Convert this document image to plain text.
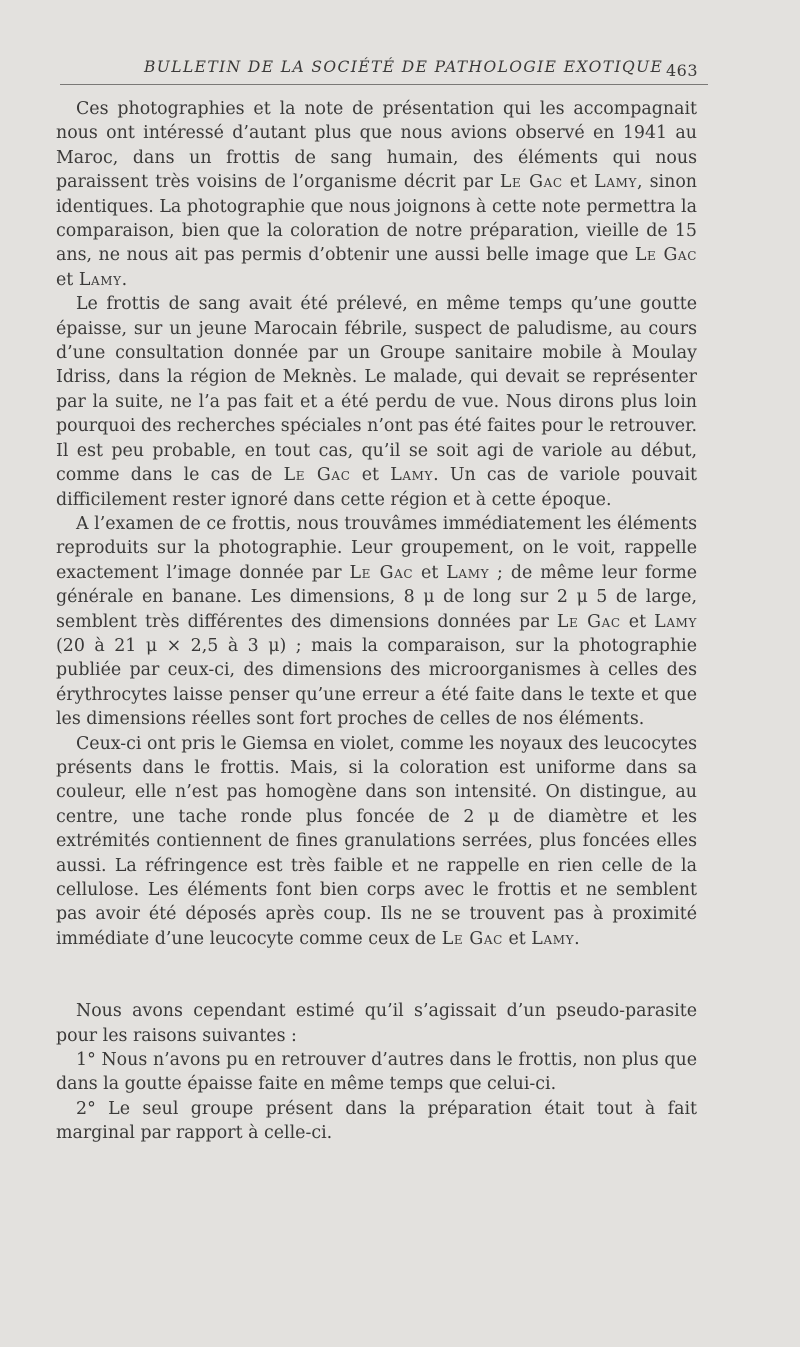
BULLETIN DE LA SOCIÉTÉ DE PATHOLOGIE EXOTIQUE 463

Ces photographies et la note de présentation qui les accompagnait nous ont intéressé d’autant plus que nous avions observé en 1941 au Maroc, dans un frottis de sang humain, des éléments qui nous paraissent très voisins de l’organisme décrit par Le Gac et Lamy, sinon identiques. La photographie que nous joignons à cette note permettra la comparaison, bien que la coloration de notre préparation, vieille de 15 ans, ne nous ait pas permis d’obtenir une aussi belle image que Le Gac et Lamy.

Le frottis de sang avait été prélevé, en même temps qu’une goutte épaisse, sur un jeune Marocain fébrile, suspect de paludisme, au cours d’une consultation donnée par un Groupe sanitaire mobile à Moulay Idriss, dans la région de Meknès. Le malade, qui devait se représenter par la suite, ne l’a pas fait et a été perdu de vue. Nous dirons plus loin pourquoi des recherches spéciales n’ont pas été faites pour le retrouver. Il est peu probable, en tout cas, qu’il se soit agi de variole au début, comme dans le cas de Le Gac et Lamy. Un cas de variole pouvait difficilement rester ignoré dans cette région et à cette époque.

A l’examen de ce frottis, nous trouvâmes immédiatement les éléments reproduits sur la photographie. Leur groupement, on le voit, rappelle exactement l’image donnée par Le Gac et Lamy ; de même leur forme générale en banane. Les dimensions, 8 μ de long sur 2 μ 5 de large, semblent très différentes des dimensions données par Le Gac et Lamy (20 à 21 μ × 2,5 à 3 μ) ; mais la comparaison, sur la photographie publiée par ceux-ci, des dimensions des microorganismes à celles des érythrocytes laisse penser qu’une erreur a été faite dans le texte et que les dimensions réelles sont fort proches de celles de nos éléments.

Ceux-ci ont pris le Giemsa en violet, comme les noyaux des leucocytes présents dans le frottis. Mais, si la coloration est uniforme dans sa couleur, elle n’est pas homogène dans son intensité. On distingue, au centre, une tache ronde plus foncée de 2 μ de diamètre et les extrémités contiennent de fines granulations serrées, plus foncées elles aussi. La réfringence est très faible et ne rappelle en rien celle de la cellulose. Les éléments font bien corps avec le frottis et ne semblent pas avoir été déposés après coup. Ils ne se trouvent pas à proximité immédiate d’une leucocyte comme ceux de Le Gac et Lamy.

Nous avons cependant estimé qu’il s’agissait d’un pseudo-parasite pour les raisons suivantes :

1° Nous n’avons pu en retrouver d’autres dans le frottis, non plus que dans la goutte épaisse faite en même temps que celui-ci.

2° Le seul groupe présent dans la préparation était tout à fait marginal par rapport à celle-ci.
